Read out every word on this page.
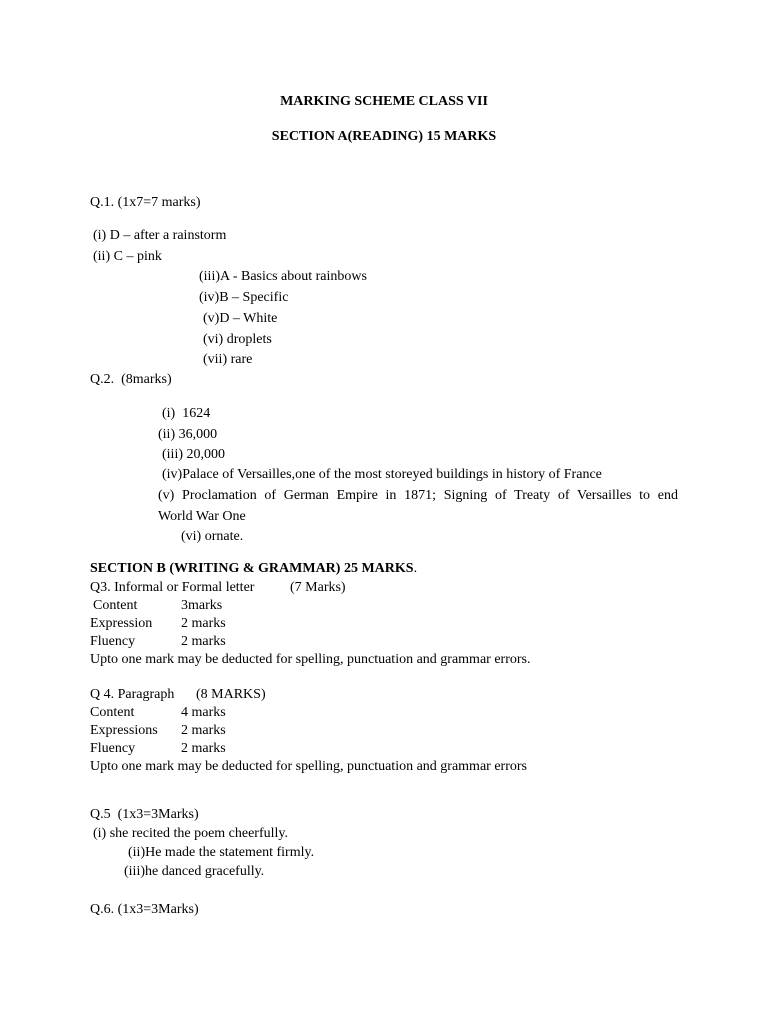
MARKING SCHEME CLASS VII
SECTION A(READING) 15 MARKS
Q.1. (1x7=7 marks)
(i) D – after a rainstorm
(ii) C – pink
(iii)A - Basics about rainbows
(iv)B – Specific
(v)D – White
(vi) droplets
(vii) rare
Q.2.  (8marks)
(i)  1624
(ii) 36,000
(iii) 20,000
(iv)Palace of Versailles,one of the most storeyed buildings in history of France
(v) Proclamation of German Empire in 1871; Signing of Treaty of Versailles to end
World War One
(vi) ornate.
SECTION B (WRITING & GRAMMAR) 25 MARKS.
Q3. Informal or Formal letter	(7 Marks)
Content	3marks
Expression 2 marks
Fluency	2 marks
Upto one mark may be deducted for spelling, punctuation and grammar errors.
Q 4. Paragraph (8 MARKS)
Content	4 marks
Expressions 2 marks
Fluency	2 marks
Upto one mark may be deducted for spelling, punctuation and grammar errors
Q.5  (1x3=3Marks)
(i) she recited the poem cheerfully.
(ii)He made the statement firmly.
(iii)he danced gracefully.
Q.6. (1x3=3Marks)
